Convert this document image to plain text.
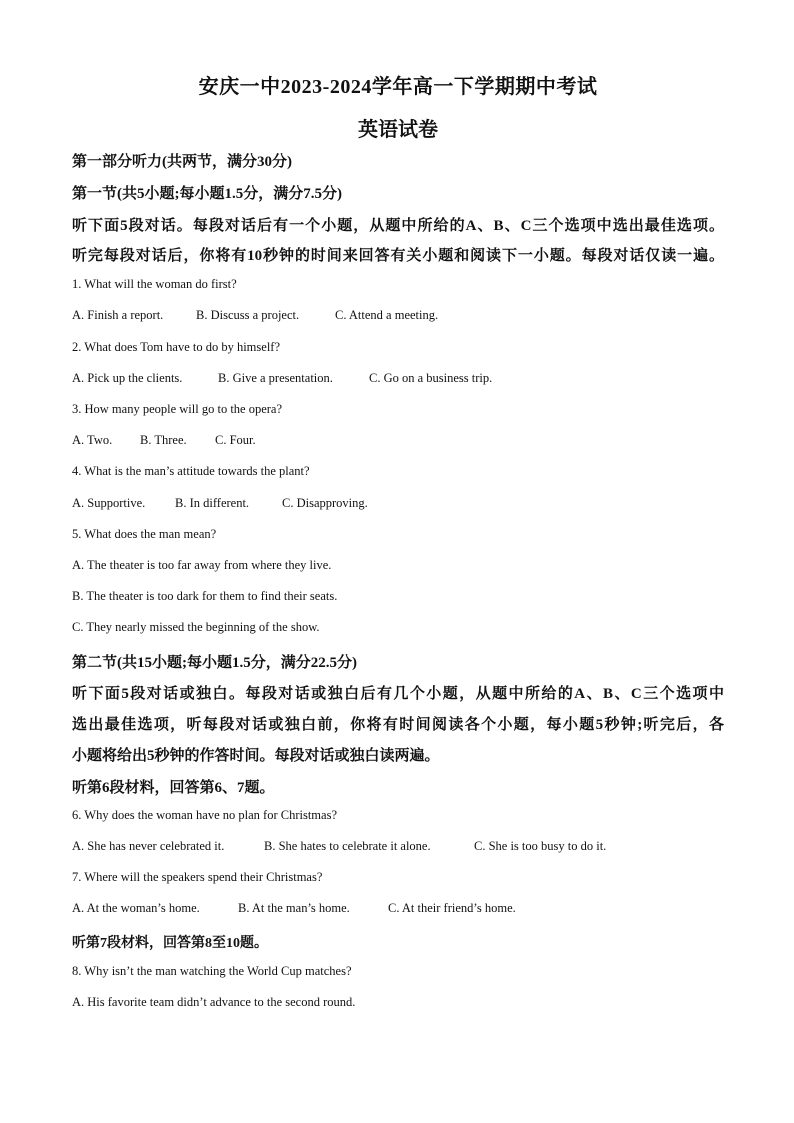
安庆一中2023-2024学年高一下学期期中考试
英语试卷
第一部分听力(共两节，满分30分)
第一节(共5小题;每小题1.5分，满分7.5分)
听下面5段对话。每段对话后有一个小题，从题中所给的A、B、C三个选项中选出最佳选项。
听完每段对话后，你将有10秒钟的时间来回答有关小题和阅读下一小题。每段对话仅读一遍。
1. What will the woman do first?
A. Finish a report.	B. Discuss a project.	C. Attend a meeting.
2. What does Tom have to do by himself?
A. Pick up the clients.	B. Give a presentation.	C. Go on a business trip.
3. How many people will go to the opera?
A. Two. B. Three. C. Four.
4. What is the man’s attitude towards the plant?
A. Supportive. B. In different.	C. Disapproving.
5. What does the man mean?
A. The theater is too far away from where they live.
B. The theater is too dark for them to find their seats.
C. They nearly missed the beginning of the show.
第二节(共15小题;每小题1.5分，满分22.5分)
听下面5段对话或独白。每段对话或独白后有几个小题，从题中所给的A、B、C三个选项中
选出最佳选项，听每段对话或独白前，你将有时间阅读各个小题，每小题5秒钟;听完后，各
小题将给出5秒钟的作答时间。每段对话或独白读两遍。
听第6段材料，回答第6、7题。
6. Why does the woman have no plan for Christmas?
A. She has never celebrated it.	B. She hates to celebrate it alone.	C. She is too busy to do it.
7. Where will the speakers spend their Christmas?
A. At the woman’s home.	B. At the man’s home.	C. At their friend’s home.
听第7段材料，回答第8至10题。
8. Why isn’t the man watching the World Cup matches?
A. His favorite team didn’t advance to the second round.
